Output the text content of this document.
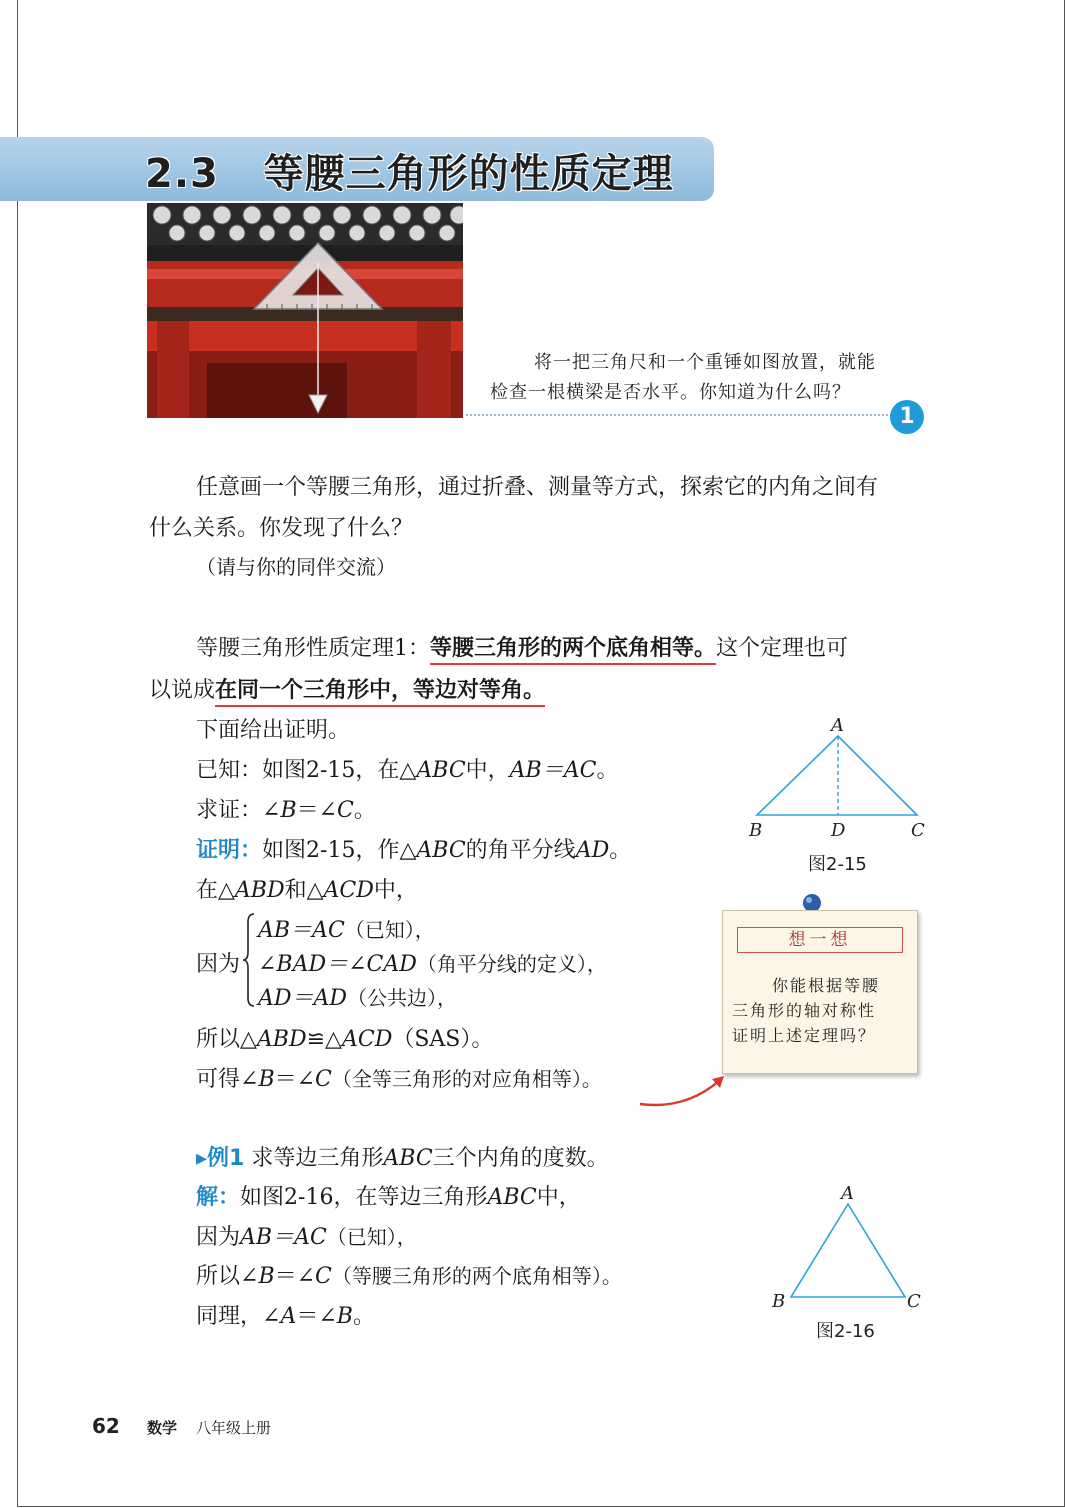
2.3 等腰三角形的性质定理
将一把三角尺和一个重锤如图放置，就能
检查一根横梁是否水平。你知道为什么吗？
1
任意画一个等腰三角形，通过折叠、测量等方式，探索它的内角之间有
什么关系。你发现了什么？
（请与你的同伴交流）
等腰三角形性质定理1：等腰三角形的两个底角相等。这个定理也可
以说成在同一个三角形中，等边对等角。
下面给出证明。
已知：如图2-15，在△ABC中，AB＝AC。
求证：∠B＝∠C。
证明：如图2-15，作△ABC的角平分线AD。
在△ABD和△ACD中，
因为
AB＝AC（已知），
∠BAD＝∠CAD（角平分线的定义），
AD＝AD（公共边），
所以△ABD≌△ACD（SAS）。
可得∠B＝∠C（全等三角形的对应角相等）。
A
B	D	C
图2-15
想一想
你能根据等腰
三角形的轴对称性
证明上述定理吗？
▸例1 求等边三角形ABC三个内角的度数。
解：如图2-16，在等边三角形ABC中，
因为AB＝AC（已知），
所以∠B＝∠C（等腰三角形的两个底角相等）。
同理，∠A＝∠B。
A
B	C
图2-16
62 数学 八年级上册
